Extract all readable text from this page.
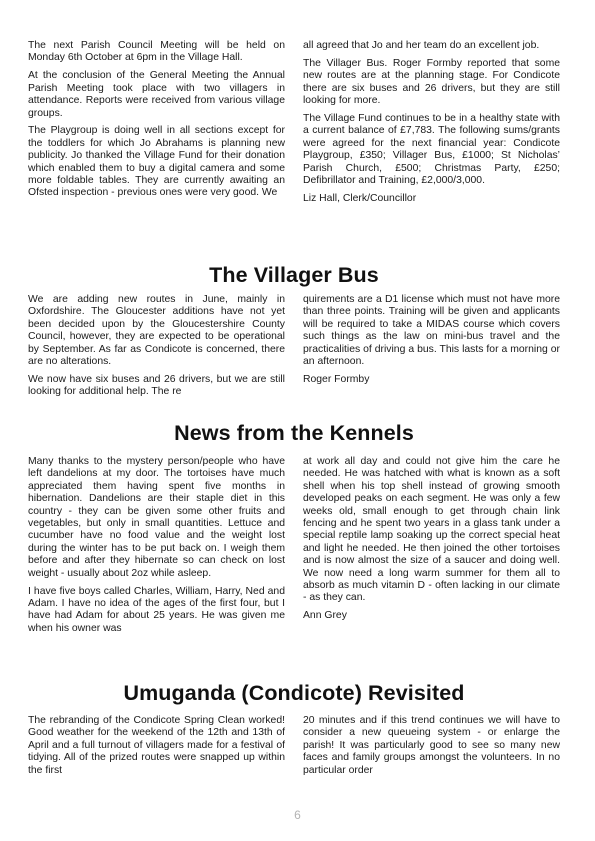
The next Parish Council Meeting will be held on Monday 6th October at 6pm in the Village Hall.

At the conclusion of the General Meeting the Annual Parish Meeting took place with two villagers in attendance. Reports were received from various village groups.

The Playgroup is doing well in all sections except for the toddlers for which Jo Abrahams is planning new publicity. Jo thanked the Village Fund for their donation which enabled them to buy a digital camera and some more foldable tables. They are currently awaiting an Ofsted inspection - previous ones were very good. We

all agreed that Jo and her team do an excellent job.

The Villager Bus. Roger Formby reported that some new routes are at the planning stage. For Condicote there are six buses and 26 drivers, but they are still looking for more.

The Village Fund continues to be in a healthy state with a current balance of £7,783. The following sums/grants were agreed for the next financial year: Condicote Playgroup, £350; Villager Bus, £1000; St Nicholas’ Parish Church, £500; Christmas Party, £250; Defibrillator and Training, £2,000/3,000.

Liz Hall, Clerk/Councillor

The Villager Bus

We are adding new routes in June, mainly in Oxfordshire. The Gloucester additions have not yet been decided upon by the Gloucestershire County Council, however, they are expected to be operational by September. As far as Condicote is concerned, there are no alterations.

We now have six buses and 26 drivers, but we are still looking for additional help. The re

quirements are a D1 license which must not have more than three points. Training will be given and applicants will be required to take a MIDAS course which covers such things as the law on mini-bus travel and the practicalities of driving a bus. This lasts for a morning or an afternoon.

Roger Formby

News from the Kennels

Many thanks to the mystery person/people who have left dandelions at my door. The tortoises have much appreciated them having spent five months in hibernation. Dandelions are their staple diet in this country - they can be given some other fruits and vegetables, but only in small quantities. Lettuce and cucumber have no food value and the weight lost during the winter has to be put back on. I weigh them before and after they hibernate so can check on lost weight - usually about 2oz while asleep.

I have five boys called Charles, William, Harry, Ned and Adam. I have no idea of the ages of the first four, but I have had Adam for about 25 years. He was given me when his owner was

at work all day and could not give him the care he needed. He was hatched with what is known as a soft shell when his top shell instead of growing smooth developed peaks on each segment. He was only a few weeks old, small enough to get through chain link fencing and he spent two years in a glass tank under a special reptile lamp soaking up the correct special heat and light he needed. He then joined the other tortoises and is now almost the size of a saucer and doing well. We now need a long warm summer for them all to absorb as much vitamin D - often lacking in our climate - as they can.

Ann Grey

Umuganda (Condicote) Revisited

The rebranding of the Condicote Spring Clean worked! Good weather for the weekend of the 12th and 13th of April and a full turnout of villagers made for a festival of tidying. All of the prized routes were snapped up within the first

20 minutes and if this trend continues we will have to consider a new queueing system - or enlarge the parish! It was particularly good to see so many new faces and family groups amongst the volunteers. In no particular order

6
